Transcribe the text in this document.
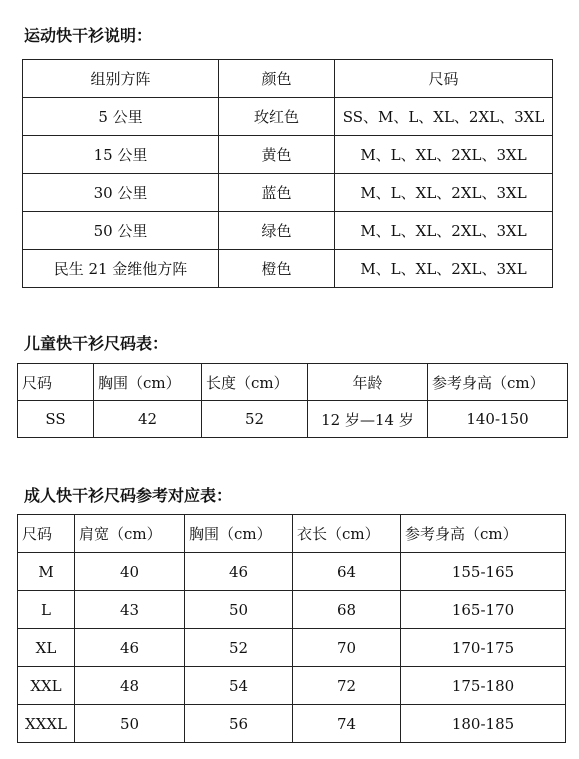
运动快干衫说明：
组别方阵	颜色	尺码
5 公里	玫红色	SS、M、L、XL、2XL、3XL
15 公里	黄色	M、L、XL、2XL、3XL
30 公里	蓝色	M、L、XL、2XL、3XL
50 公里	绿色	M、L、XL、2XL、3XL
民生 21 金维他方阵	橙色	M、L、XL、2XL、3XL
儿童快干衫尺码表：
尺码	胸围（cm）	长度（cm）	年龄	参考身高（cm）
SS	42	52	12 岁—14 岁	140-150
成人快干衫尺码参考对应表：
尺码	肩宽（cm）	胸围（cm）	衣长（cm）	参考身高（cm）
M	40	46	64	155-165
L	43	50	68	165-170
XL	46	52	70	170-175
XXL	48	54	72	175-180
XXXL	50	56	74	180-185
